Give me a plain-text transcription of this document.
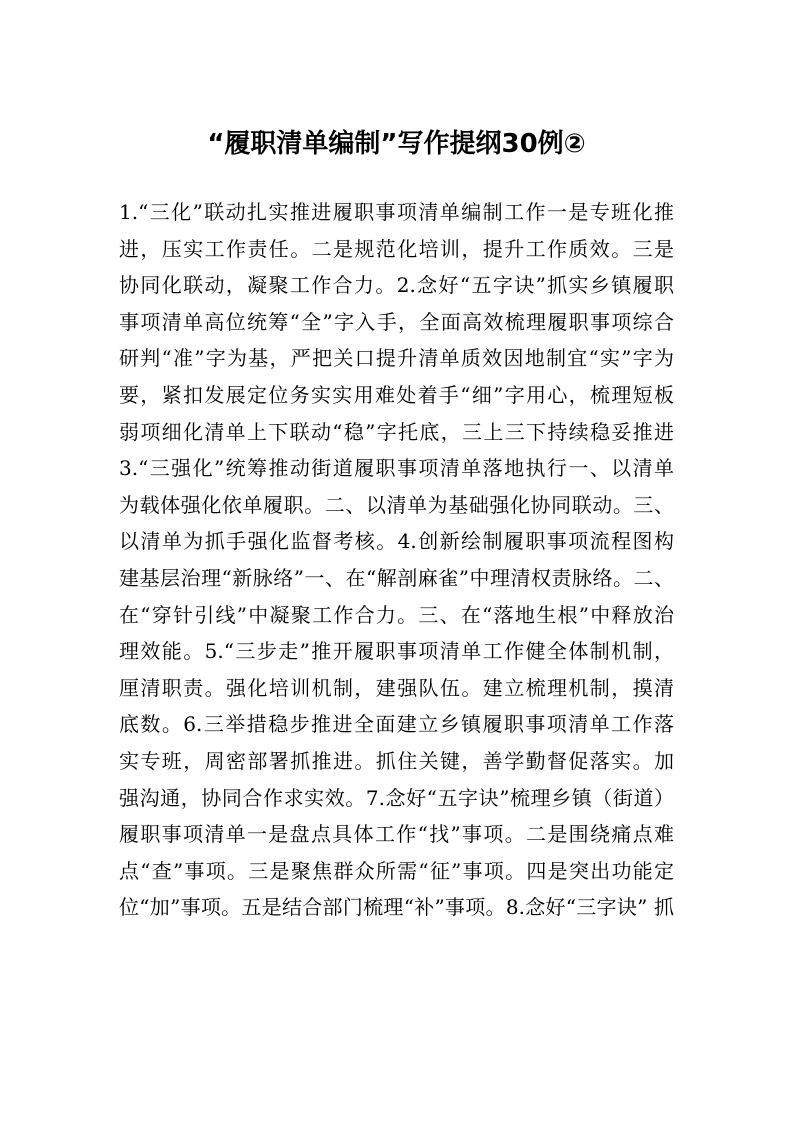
“履职清单编制”写作提纲30例②
1.“三化”联动扎实推进履职事项清单编制工作一是专班化推
进，压实工作责任。二是规范化培训，提升工作质效。三是
协同化联动，凝聚工作合力。2.念好“五字诀”抓实乡镇履职
事项清单高位统筹“全”字入手，全面高效梳理履职事项综合
研判“准”字为基，严把关口提升清单质效因地制宜“实”字为
要，紧扣发展定位务实实用难处着手“细”字用心，梳理短板
弱项细化清单上下联动“稳”字托底，三上三下持续稳妥推进
3.“三强化”统筹推动街道履职事项清单落地执行一、以清单
为载体强化依单履职。二、以清单为基础强化协同联动。三、
以清单为抓手强化监督考核。4.创新绘制履职事项流程图构
建基层治理“新脉络”一、在“解剖麻雀”中理清权责脉络。二、
在“穿针引线”中凝聚工作合力。三、在“落地生根”中释放治
理效能。5.“三步走”推开履职事项清单工作健全体制机制，
厘清职责。强化培训机制，建强队伍。建立梳理机制，摸清
底数。6.三举措稳步推进全面建立乡镇履职事项清单工作落
实专班，周密部署抓推进。抓住关键，善学勤督促落实。加
强沟通，协同合作求实效。7.念好“五字诀”梳理乡镇（街道）
履职事项清单一是盘点具体工作“找”事项。二是围绕痛点难
点“查”事项。三是聚焦群众所需“征”事项。四是突出功能定
位“加”事项。五是结合部门梳理“补”事项。8.念好“三字诀” 抓
